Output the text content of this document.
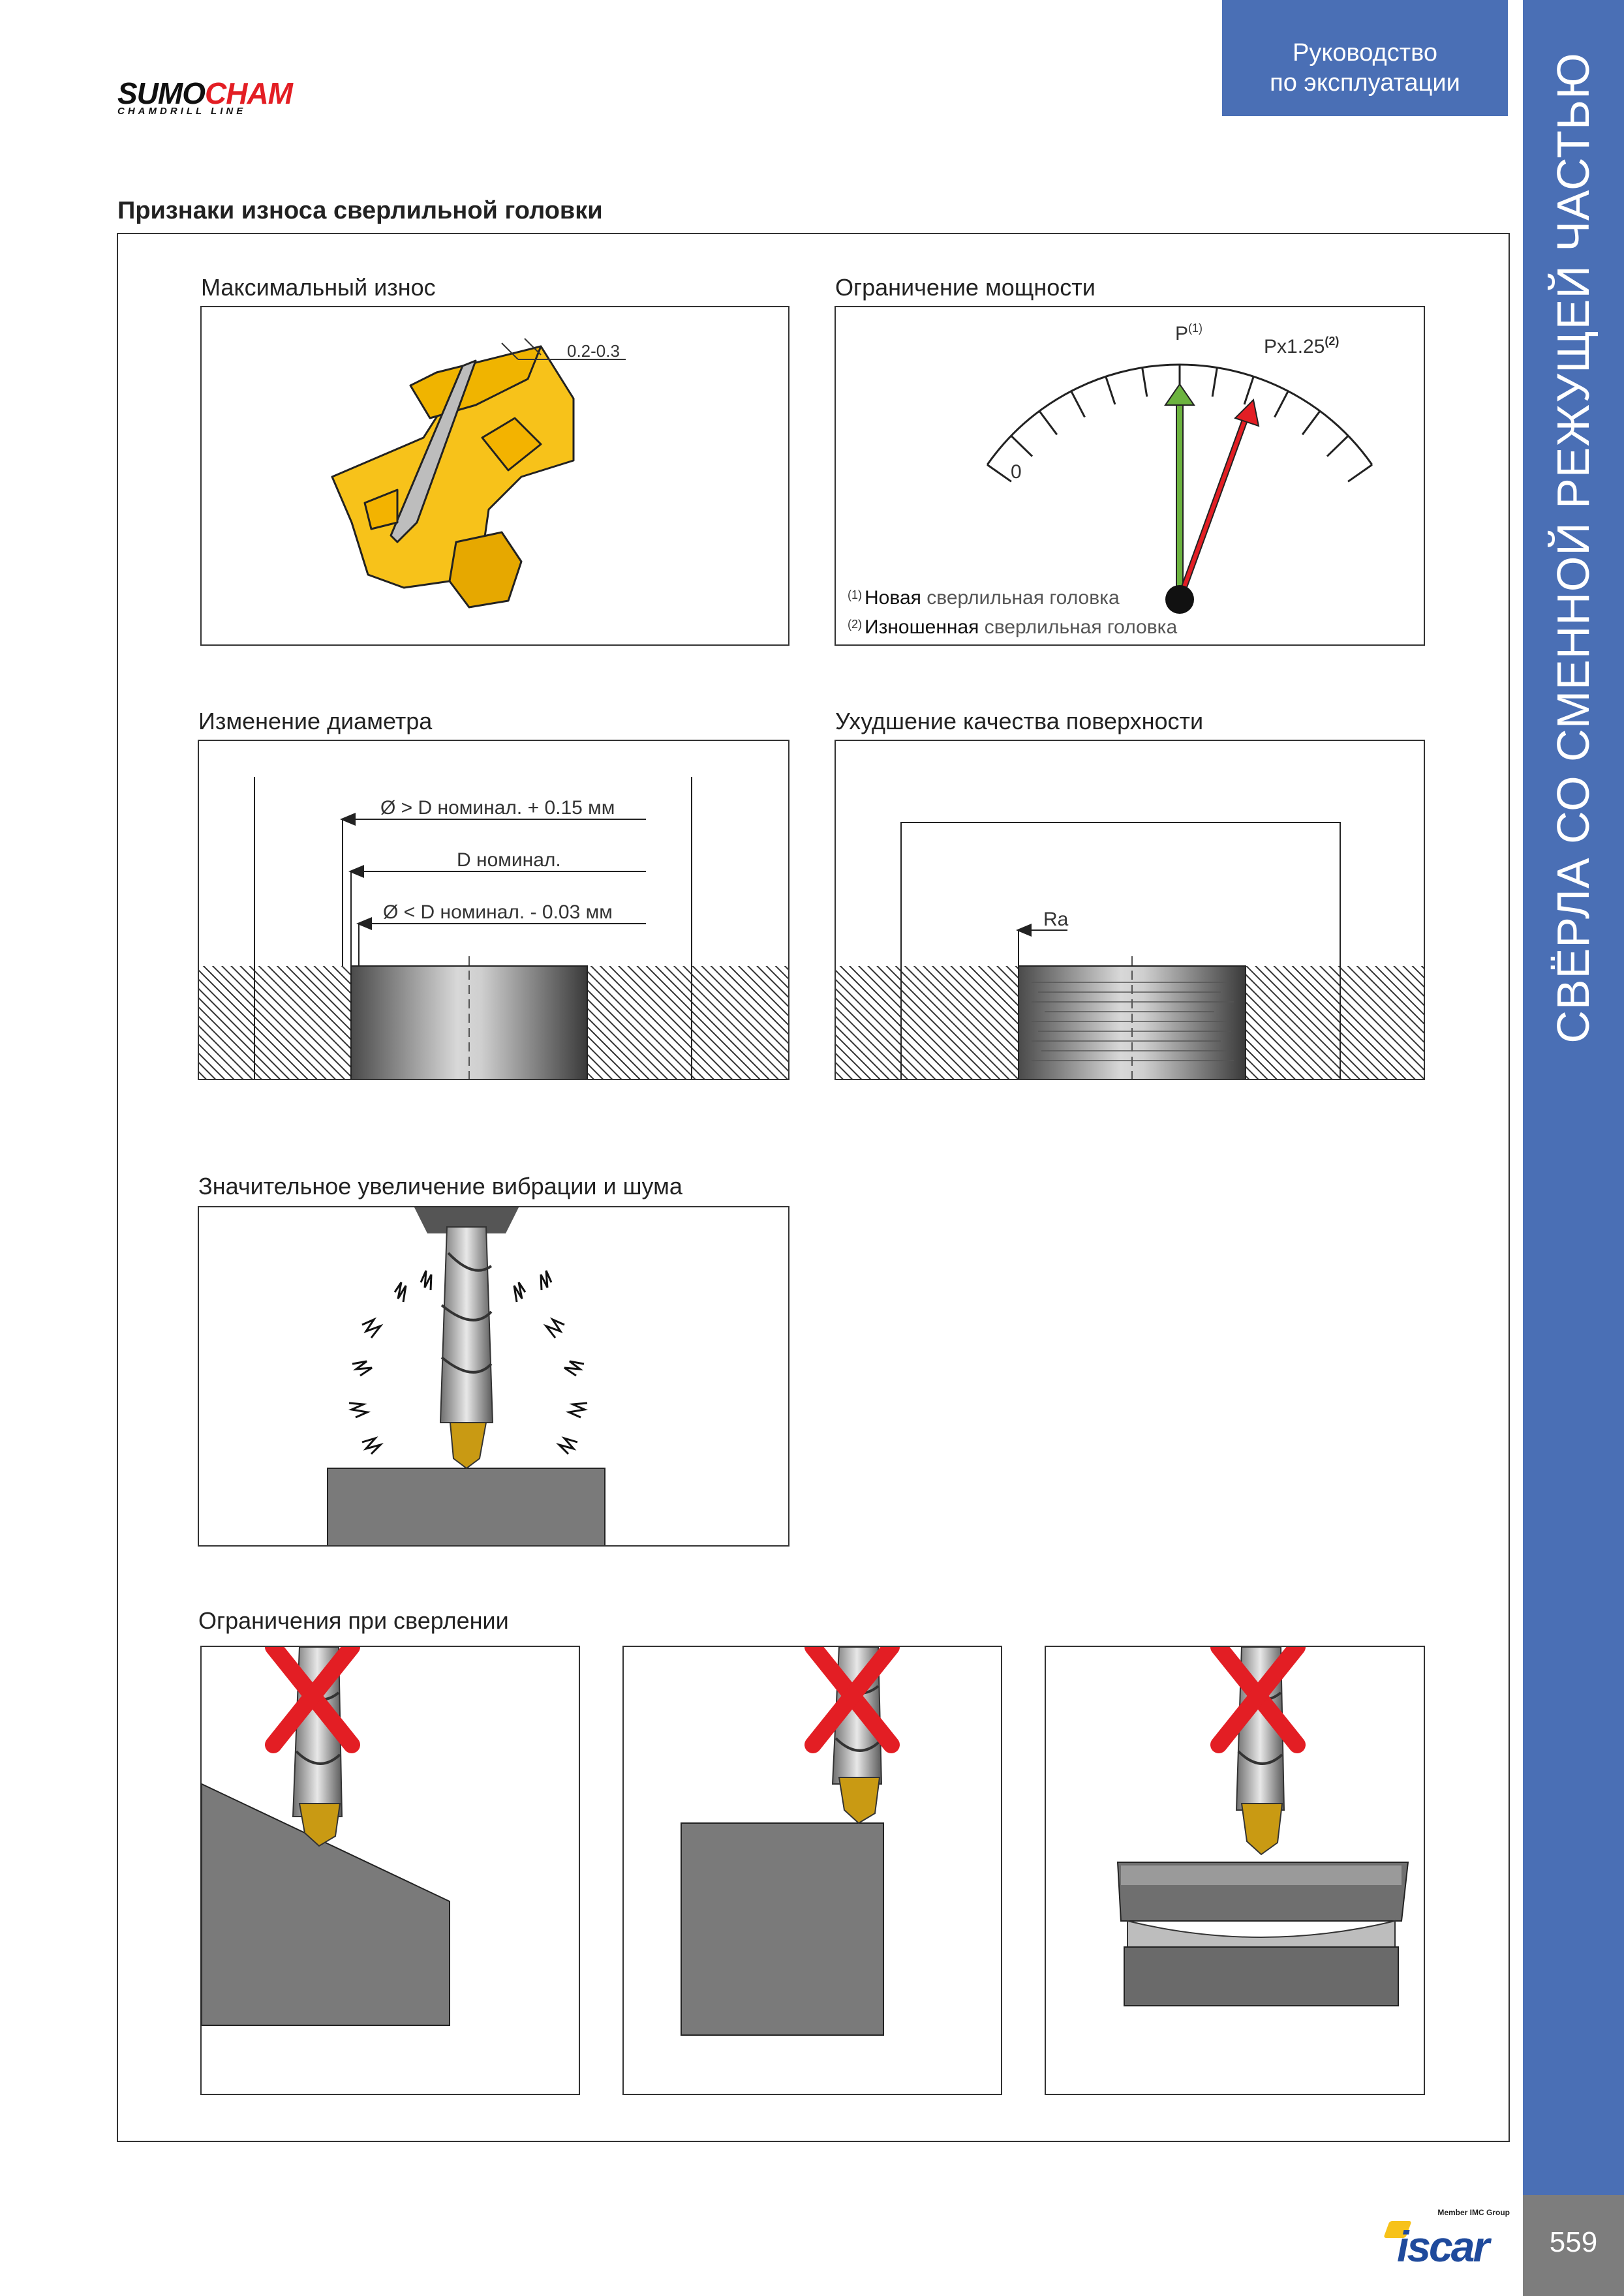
SUMOCHAM
CHAMDRILL LINE
Руководство
по эксплуатации	СВЁРЛА СО СМЕННОЙ РЕЖУЩЕЙ ЧАСТЬЮ
559
Member IMC Group
iscar
Признаки износа сверлильной головки
Максимальный износ
0.2-0.3
Ограничение мощности
0
$P^{(1)}$
Px1.25$^{(2)}$
$^{(1)}$ Новая сверлильная головка
$^{(2)}$ Изношенная сверлильная головка
Изменение диаметра
Ø > D номинал. + 0.15 мм
D номинал.
Ø < D номинал. - 0.03 мм
Ухудшение качества поверхности
Ra
Значительное увеличение вибрации и шума
Ограничения при сверлении
